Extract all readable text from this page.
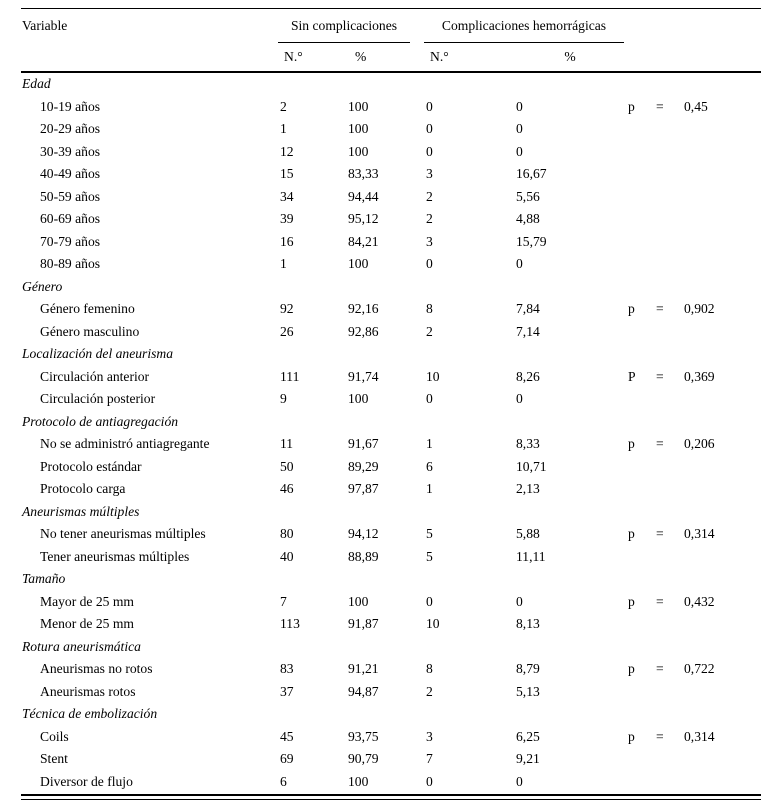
Variable	Sin complicaciones	Complicaciones hemorrágicas
N.°	%	N.°	%
Edad
10-19 años	2	100	0	0	p	=	0,45
20-29 años	1	100	0	0
30-39 años	12	100	0	0
40-49 años	15	83,33	3	16,67
50-59 años	34	94,44	2	5,56
60-69 años	39	95,12	2	4,88
70-79 años	16	84,21	3	15,79
80-89 años	1	100	0	0
Género
Género femenino	92	92,16	8	7,84	p	=	0,902
Género masculino	26	92,86	2	7,14
Localización del aneurisma
Circulación anterior	111	91,74	10	8,26	P	=	0,369
Circulación posterior	9	100	0	0
Protocolo de antiagregación
No se administró antiagregante	11	91,67	1	8,33	p	=	0,206
Protocolo estándar	50	89,29	6	10,71
Protocolo carga	46	97,87	1	2,13
Aneurismas múltiples
No tener aneurismas múltiples	80	94,12	5	5,88	p	=	0,314
Tener aneurismas múltiples	40	88,89	5	11,11
Tamaño
Mayor de 25 mm	7	100	0	0	p	=	0,432
Menor de 25 mm	113	91,87	10	8,13
Rotura aneurismática
Aneurismas no rotos	83	91,21	8	8,79	p	=	0,722
Aneurismas rotos	37	94,87	2	5,13
Técnica de embolización
Coils	45	93,75	3	6,25	p	=	0,314
Stent	69	90,79	7	9,21
Diversor de flujo	6	100	0	0
